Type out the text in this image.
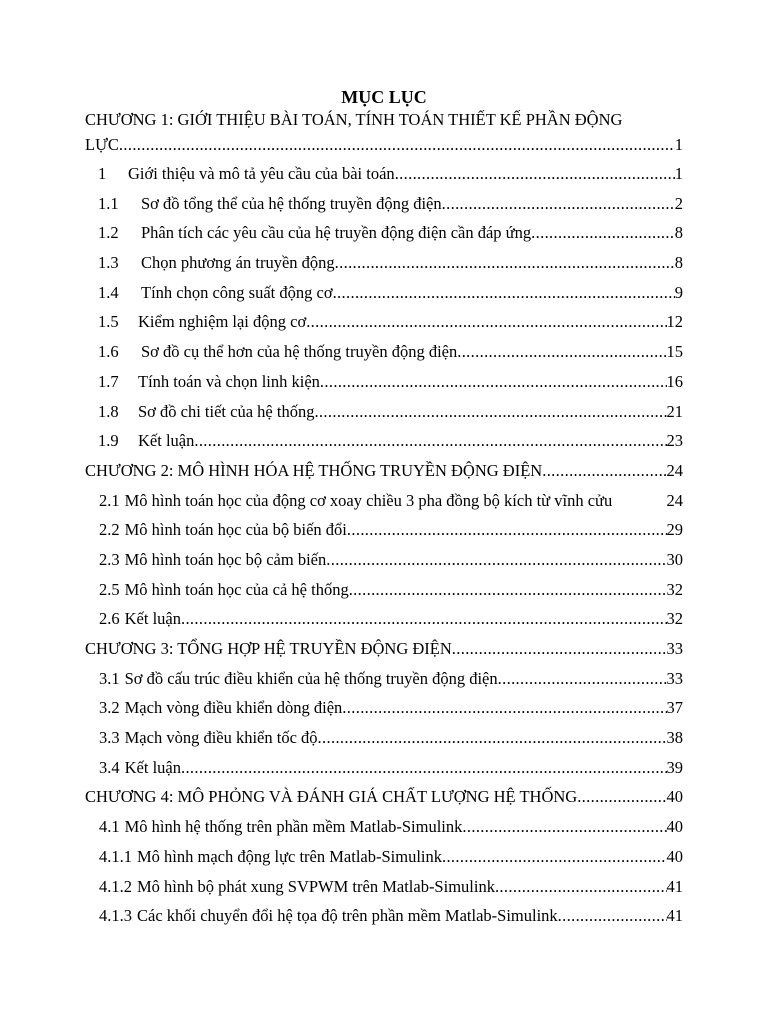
MỤC LỤC
CHƯƠNG 1: GIỚI THIỆU BÀI TOÁN, TÍNH TOÁN THIẾT KẾ PHẦN ĐỘNG
LỰC .....	1
1	Giới thiệu và mô tả yêu cầu của bài toán .....	1
1.1	Sơ đồ tổng thể của hệ thống truyền động điện .....	2
1.2	Phân tích các yêu cầu của hệ truyền động điện cần đáp ứng .....	8
1.3	Chọn phương án truyền động .....	8
1.4	Tính chọn công suất động cơ .....	9
1.5	Kiểm nghiệm lại động cơ .....	12
1.6	Sơ đồ cụ thể hơn của hệ thống truyền động điện .....	15
1.7	Tính toán và chọn linh kiện .....	16
1.8	Sơ đồ chi tiết của hệ thống .....	21
1.9	Kết luận .....	23
CHƯƠNG 2: MÔ HÌNH HÓA HỆ THỐNG TRUYỀN ĐỘNG ĐIỆN .....	24
2.1 Mô hình toán học của động cơ xoay chiều 3 pha đồng bộ kích từ vĩnh cửu	24
2.2 Mô hình toán học của bộ biến đổi .....	29
2.3 Mô hình toán học bộ cảm biến .....	30
2.5 Mô hình toán học của cả hệ thống .....	32
2.6 Kết luận .....	32
CHƯƠNG 3: TỔNG HỢP HỆ TRUYỀN ĐỘNG ĐIỆN .....	33
3.1 Sơ đồ cấu trúc điều khiển của hệ thống truyền động điện .....	33
3.2 Mạch vòng điều khiển dòng điện .....	37
3.3 Mạch vòng điều khiển tốc độ .....	38
3.4 Kết luận .....	39
CHƯƠNG 4: MÔ PHỎNG VÀ ĐÁNH GIÁ CHẤT LƯỢNG HỆ THỐNG .....	40
4.1 Mô hình hệ thống trên phần mềm Matlab-Simulink .....	40
4.1.1 Mô hình mạch động lực trên Matlab-Simulink .....	40
4.1.2 Mô hình bộ phát xung SVPWM trên Matlab-Simulink .....	41
4.1.3 Các khối chuyển đổi hệ tọa độ trên phần mềm Matlab-Simulink .....	41
